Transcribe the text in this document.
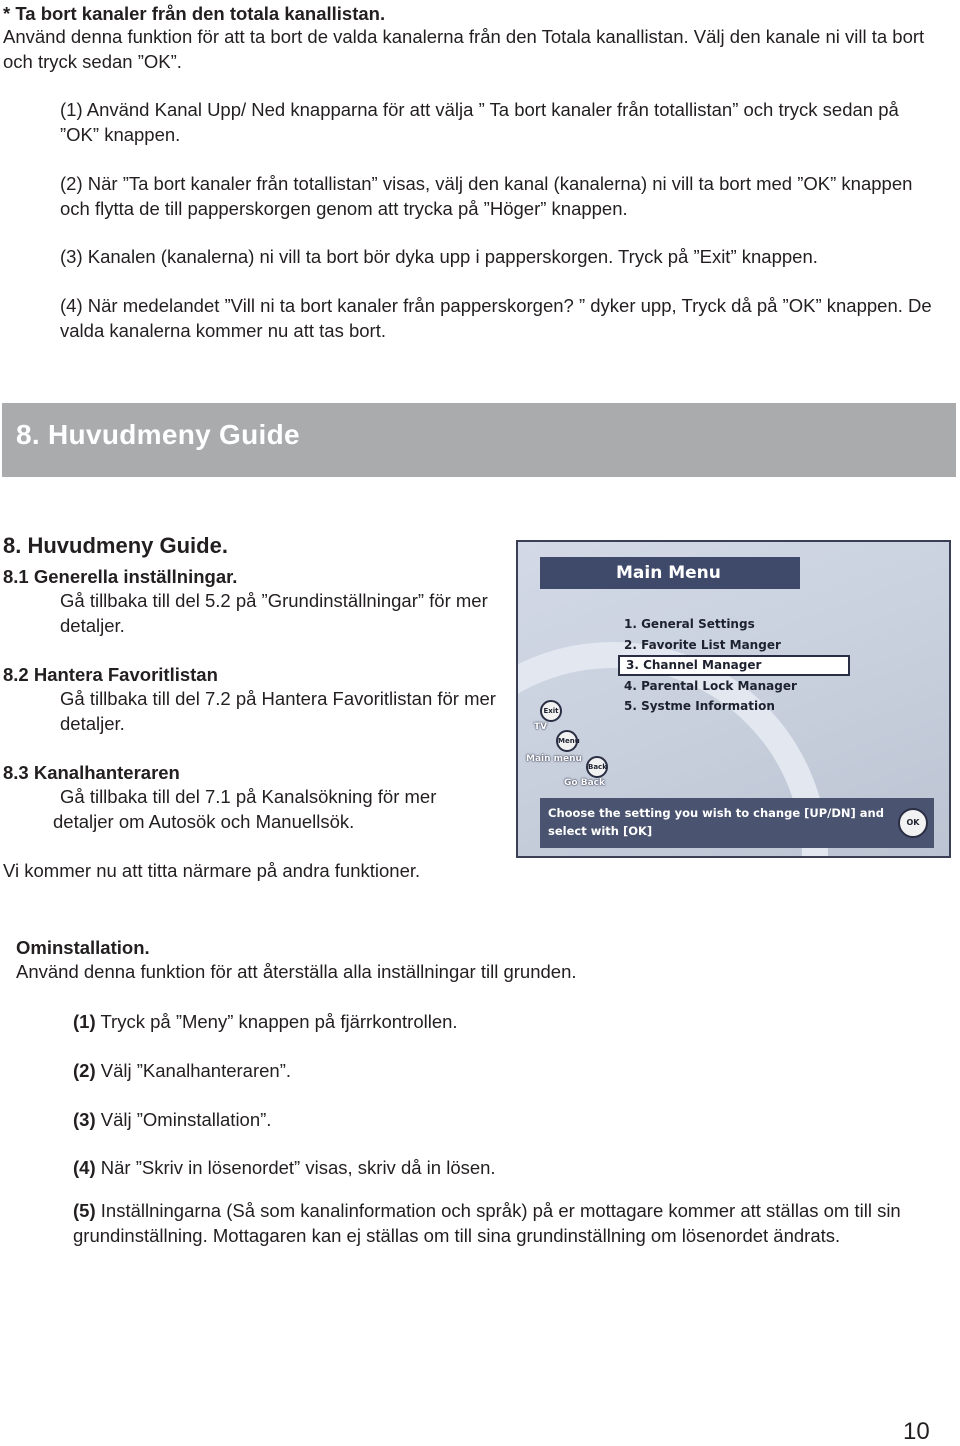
* Ta bort kanaler från den totala kanallistan.

Använd denna funktion för att ta bort de valda kanalerna från den Totala kanallistan. Välj den kanale ni vill ta bort och tryck sedan ”OK”.

(1) Använd Kanal Upp/ Ned knapparna för att välja ” Ta bort kanaler från totallistan” och tryck sedan på ”OK” knappen.

(2) När ”Ta bort kanaler från totallistan” visas, välj den kanal (kanalerna) ni vill ta bort med ”OK” knappen och flytta de till papperskorgen genom att trycka på ”Höger” knappen.

(3) Kanalen (kanalerna) ni vill ta bort bör dyka upp i papperskorgen. Tryck på ”Exit” knappen.

(4) När medelandet ”Vill ni ta bort kanaler från papperskorgen? ” dyker upp, Tryck då på ”OK” knappen. De valda kanalerna kommer nu att tas bort.

8. Huvudmeny Guide

8. Huvudmeny Guide.

8.1 Generella inställningar.

Gå tillbaka till del 5.2 på ”Grundinställningar” för mer detaljer.

8.2 Hantera Favoritlistan

Gå tillbaka till del 7.2 på Hantera Favoritlistan för mer detaljer.

8.3 Kanalhanteraren

Gå tillbaka till del 7.1 på Kanalsökning för mer detaljer om Autosök och Manuellsök.

Vi kommer nu att titta närmare på andra funktioner.

Main Menu
1. General Settings
2. Favorite List Manger
3. Channel Manager
4. Parental Lock Manager
5. Systme Information
Exit
TV
Menu
Main menu
Back
Go Back
Choose the setting you wish to change [UP/DN] and select with [OK]
OK

Ominstallation.

Använd denna funktion för att återställa alla inställningar till grunden.

(1) Tryck på ”Meny” knappen på fjärrkontrollen.

(2) Välj ”Kanalhanteraren”.

(3) Välj ”Ominstallation”.

(4) När ”Skriv in lösenordet” visas, skriv då in lösen.

(5) Inställningarna (Så som kanalinformation och språk) på er mottagare kommer att ställas om till sin grundinställning. Mottagaren kan ej ställas om till sina grundinställning om lösenordet ändrats.

10
